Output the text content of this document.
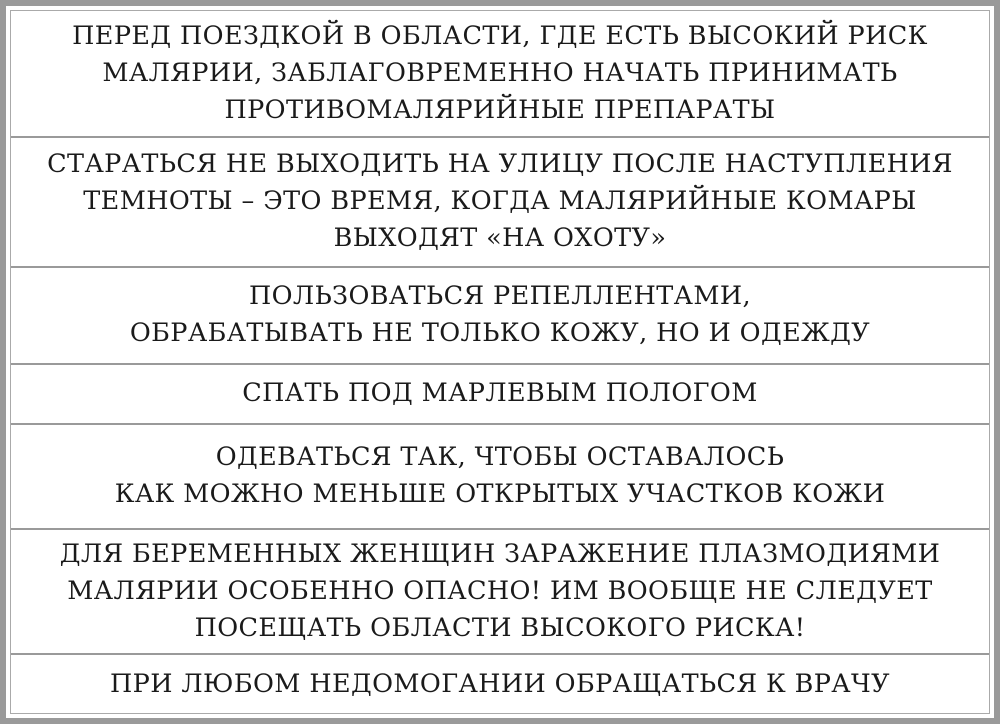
ПЕРЕД ПОЕЗДКОЙ В ОБЛАСТИ, ГДЕ ЕСТЬ ВЫСОКИЙ РИСК
МАЛЯРИИ, ЗАБЛАГОВРЕМЕННО НАЧАТЬ ПРИНИМАТЬ
ПРОТИВОМАЛЯРИЙНЫЕ ПРЕПАРАТЫ

СТАРАТЬСЯ НЕ ВЫХОДИТЬ НА УЛИЦУ ПОСЛЕ НАСТУПЛЕНИЯ
ТЕМНОТЫ – ЭТО ВРЕМЯ, КОГДА МАЛЯРИЙНЫЕ КОМАРЫ
ВЫХОДЯТ «НА ОХОТУ»

ПОЛЬЗОВАТЬСЯ РЕПЕЛЛЕНТАМИ,
ОБРАБАТЫВАТЬ НЕ ТОЛЬКО КОЖУ, НО И ОДЕЖДУ

СПАТЬ ПОД МАРЛЕВЫМ ПОЛОГОМ

ОДЕВАТЬСЯ ТАК, ЧТОБЫ ОСТАВАЛОСЬ
КАК МОЖНО МЕНЬШЕ ОТКРЫТЫХ УЧАСТКОВ КОЖИ

ДЛЯ БЕРЕМЕННЫХ ЖЕНЩИН ЗАРАЖЕНИЕ ПЛАЗМОДИЯМИ
МАЛЯРИИ ОСОБЕННО ОПАСНО! ИМ ВООБЩЕ НЕ СЛЕДУЕТ
ПОСЕЩАТЬ ОБЛАСТИ ВЫСОКОГО РИСКА!

ПРИ ЛЮБОМ НЕДОМОГАНИИ ОБРАЩАТЬСЯ К ВРАЧУ
